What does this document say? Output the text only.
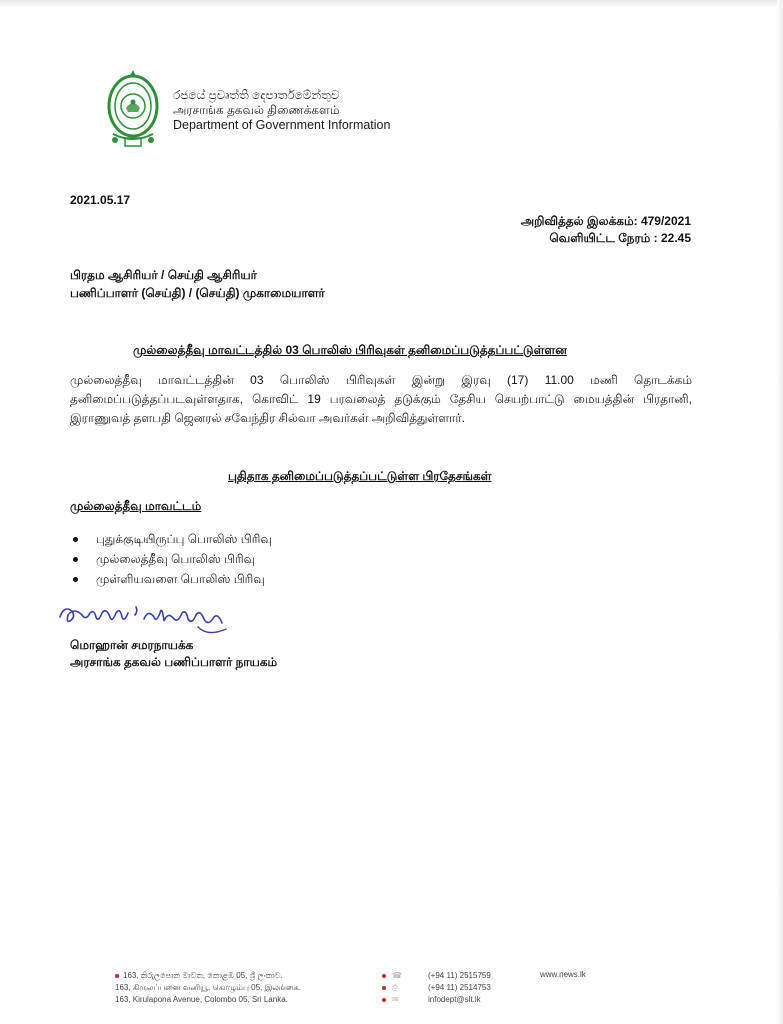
රජයේ ප්‍රවෘත්ති දෙපාර්තමේන්තුව
அரசாங்க தகவல் திணைக்களம்
Department of Government Information
2021.05.17
அறிவித்தல் இலக்கம்: 479/2021
வெளியிட்ட நேரம் : 22.45
பிரதம ஆசிரியர் / செய்தி ஆசிரியர்
பணிப்பாளர் (செய்தி) / (செய்தி) முகாமையாளர்
முல்லைத்தீவு மாவட்டத்தில் 03 பொலிஸ் பிரிவுகள் தனிமைப்படுத்தப்பட்டுள்ளன
முல்லைத்தீவு மாவட்டத்தின் 03 பொலிஸ் பிரிவுகள் இன்று இரவு (17) 11.00 மணி தொடக்கம் தனிமைப்படுத்தப்படவுள்ளதாக, கொவிட் 19 பரவலைத் தடுக்கும் தேசிய செயற்பாட்டு மையத்தின் பிரதானி, இராணுவத் தளபதி ஜெனரல் சவேந்திர சில்வா அவர்கள் அறிவித்துள்ளார்.
புதிதாக தனிமைப்படுத்தப்பட்டுள்ள பிரதேசங்கள்
முல்லைத்தீவு மாவட்டம்
புதுக்குடியிருப்பு பொலிஸ் பிரிவு
முல்லைத்தீவு பொலிஸ் பிரிவு
முள்ளியவளை பொலிஸ் பிரிவு
மொஹான் சமரநாயக்க
அரசாங்க தகவல் பணிப்பாளர் நாயகம்
163, කිරුලපොන මාවත, කොළඹ 05, ශ්‍රී ලංකාව.
163, கிருலப்பனை வனியூ, கொழும்பு 05, இலங்கை.
163, Kirulapona Avenue, Colombo 05, Sri Lanka.
☎	(+94 11) 2515759
⎙	(+94 11) 2514753
✉	infodept@slt.lk
www.news.lk
